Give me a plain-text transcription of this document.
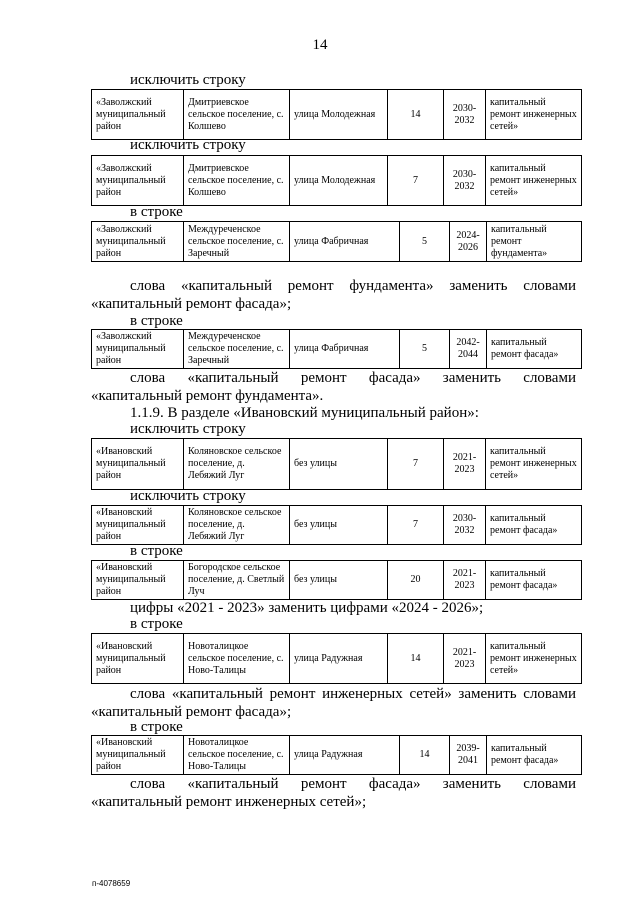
14
исключить строку
«Заволжский муниципальный район	Дмитриевское сельское поселение, с. Колшево	улица Молодежная	14	2030-2032	капитальный ремонт инженерных сетей»
исключить строку
«Заволжский муниципальный район	Дмитриевское сельское поселение, с. Колшево	улица Молодежная	7	2030-2032	капитальный ремонт инженерных сетей»
в строке
«Заволжский муниципальный район	Междуреченское сельское поселение, с. Заречный	улица Фабричная	5	2024-2026	капитальный ремонт фундамента»
слова «капитальный ремонт фундамента» заменить словами
«капитальный ремонт фасада»;
в строке
«Заволжский муниципальный район	Междуреченское сельское поселение, с. Заречный	улица Фабричная	5	2042-2044	капитальный ремонт фасада»
слова «капитальный ремонт фасада» заменить словами
«капитальный ремонт фундамента».
1.1.9. В разделе «Ивановский муниципальный район»:
исключить строку
«Ивановский муниципальный район	Коляновское сельское поселение, д. Лебяжий Луг	без улицы	7	2021-2023	капитальный ремонт инженерных сетей»
исключить строку
«Ивановский муниципальный район	Коляновское сельское поселение, д. Лебяжий Луг	без улицы	7	2030-2032	капитальный ремонт фасада»
в строке
«Ивановский муниципальный район	Богородское сельское поселение, д. Светлый Луч	без улицы	20	2021-2023	капитальный ремонт фасада»
цифры «2021 - 2023» заменить цифрами «2024 - 2026»;
в строке
«Ивановский муниципальный район	Новоталицкое сельское поселение, с. Ново-Талицы	улица Радужная	14	2021-2023	капитальный ремонт инженерных сетей»
слова «капитальный ремонт инженерных сетей» заменить словами
«капитальный ремонт фасада»;
в строке
«Ивановский муниципальный район	Новоталицкое сельское поселение, с. Ново-Талицы	улица Радужная	14	2039-2041	капитальный ремонт фасада»
слова «капитальный ремонт фасада» заменить словами
«капитальный ремонт инженерных сетей»;
п-4078659
